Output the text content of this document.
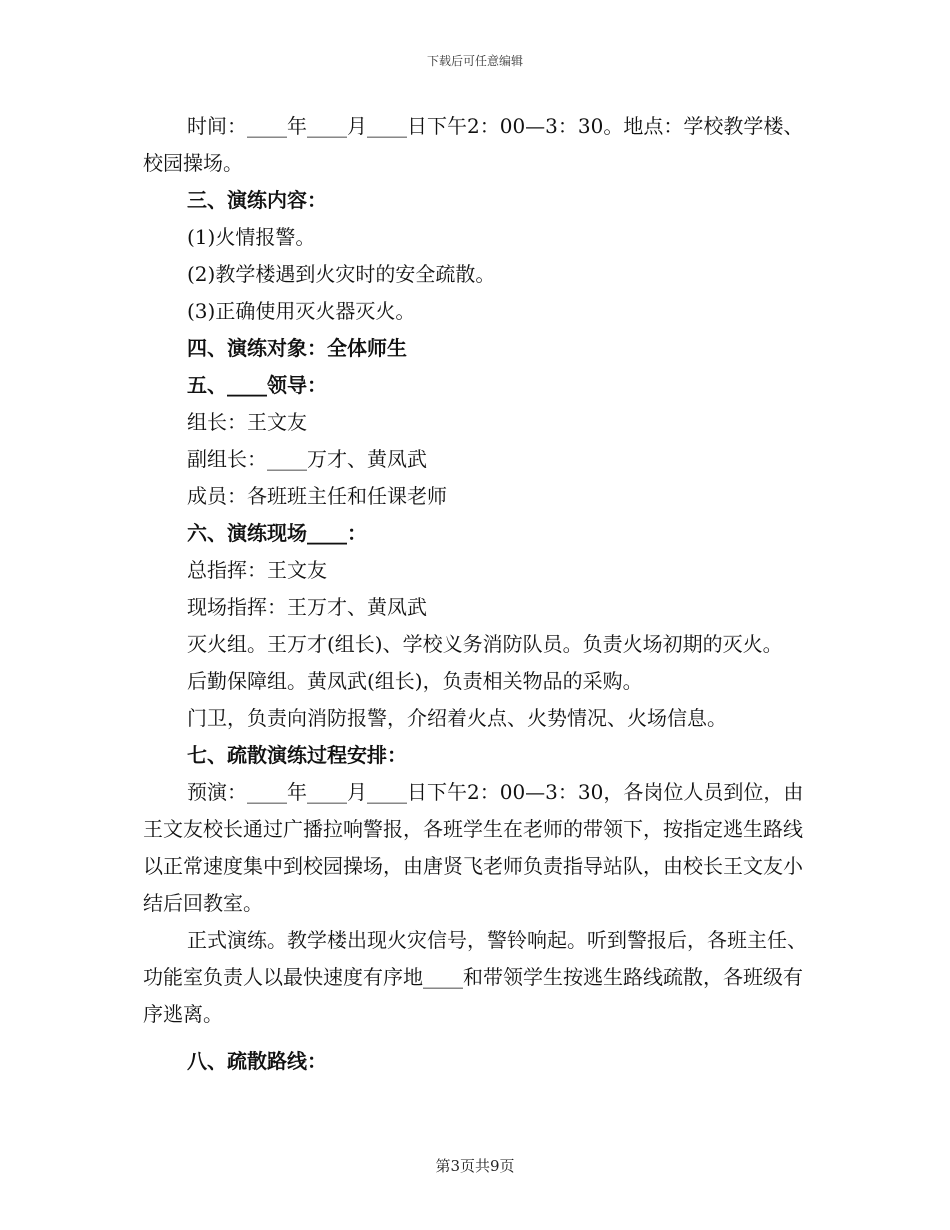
下载后可任意编辑

时间：____年____月____日下午2：00—3：30。地点：学校教学楼、校园操场。

三、演练内容：

(1)火情报警。

(2)教学楼遇到火灾时的安全疏散。

(3)正确使用灭火器灭火。

四、演练对象：全体师生

五、____领导：

组长：王文友

副组长：____万才、黄凤武

成员：各班班主任和任课老师

六、演练现场____：

总指挥：王文友

现场指挥：王万才、黄凤武

灭火组。王万才(组长)、学校义务消防队员。负责火场初期的灭火。

后勤保障组。黄凤武(组长)，负责相关物品的采购。

门卫，负责向消防报警，介绍着火点、火势情况、火场信息。

七、疏散演练过程安排：

预演：____年____月____日下午2：00—3：30，各岗位人员到位，由王文友校长通过广播拉响警报，各班学生在老师的带领下，按指定逃生路线以正常速度集中到校园操场，由唐贤飞老师负责指导站队，由校长王文友小结后回教室。

正式演练。教学楼出现火灾信号，警铃响起。听到警报后，各班主任、功能室负责人以最快速度有序地____和带领学生按逃生路线疏散，各班级有序逃离。

八、疏散路线：

第3页共9页
